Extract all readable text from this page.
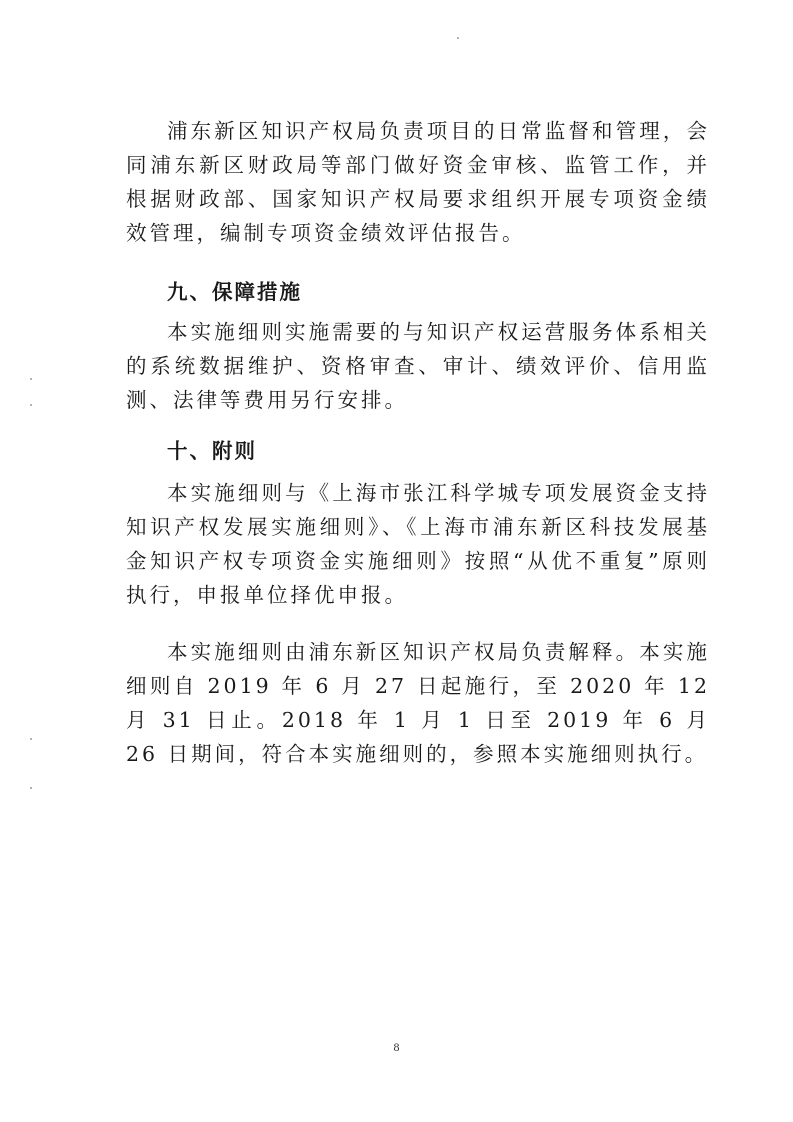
浦东新区知识产权局负责项目的日常监督和管理，会同浦东新区财政局等部门做好资金审核、监管工作，并根据财政部、国家知识产权局要求组织开展专项资金绩效管理，编制专项资金绩效评估报告。

九、保障措施

本实施细则实施需要的与知识产权运营服务体系相关的系统数据维护、资格审查、审计、绩效评价、信用监测、法律等费用另行安排。

十、附则

本实施细则与《上海市张江科学城专项发展资金支持知识产权发展实施细则》、《上海市浦东新区科技发展基金知识产权专项资金实施细则》按照“从优不重复”原则执行，申报单位择优申报。

本实施细则由浦东新区知识产权局负责解释。本实施细则自 2019 年 6 月 27 日起施行，至 2020 年 12 月 31 日止。2018 年 1 月 1 日至 2019 年 6 月 26 日期间，符合本实施细则的，参照本实施细则执行。

8
